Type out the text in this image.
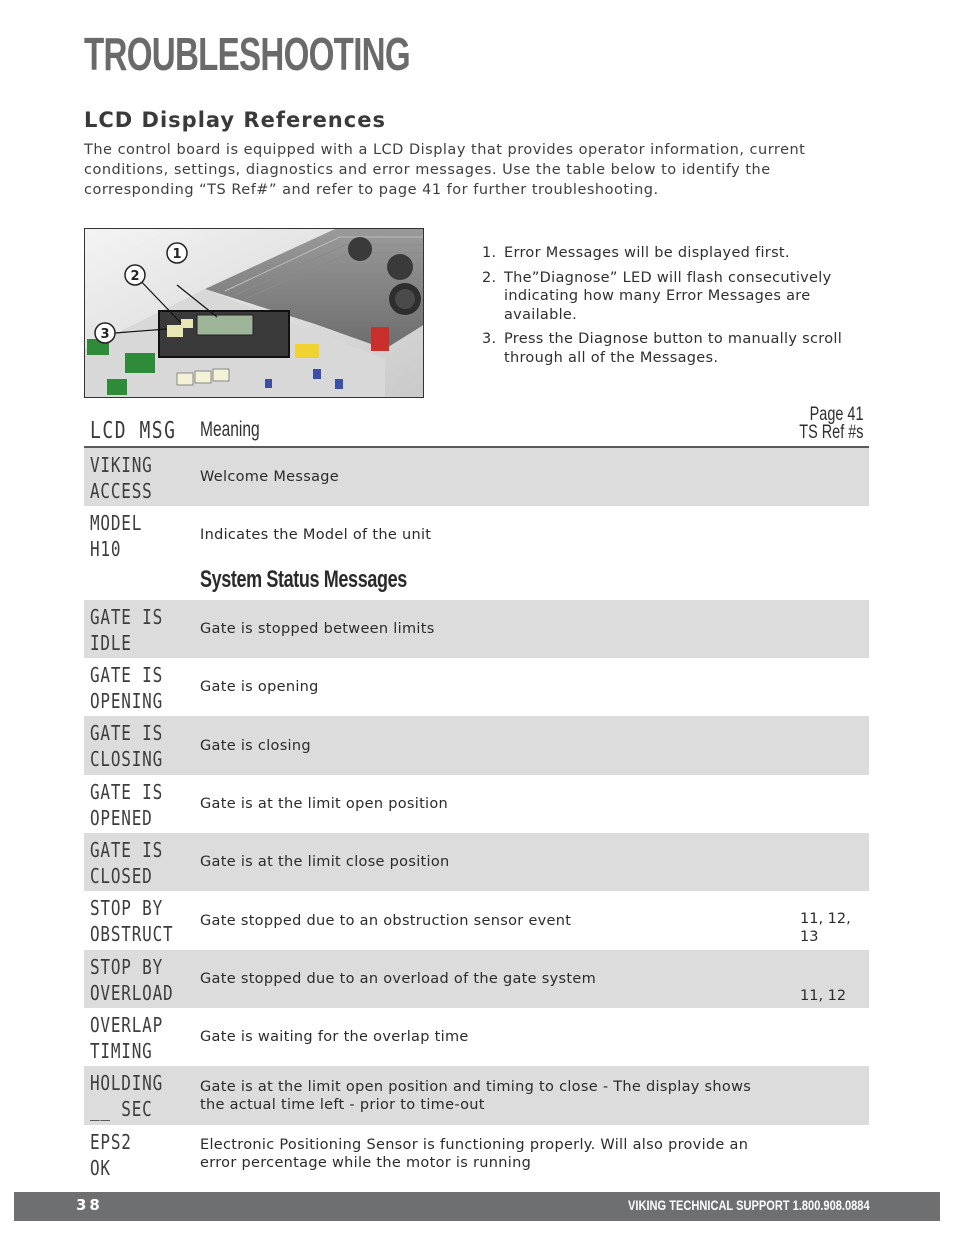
TROUBLESHOOTING
LCD Display References

The control board is equipped with a LCD Display that provides operator information, current conditions, settings, diagnostics and error messages. Use the table below to identify the corresponding “TS Ref#” and refer to page 41 for further troubleshooting.

1
2
3
1. Error Messages will be displayed first.
2. The”Diagnose” LED will flash consecutively indicating how many Error Messages are available.
3. Press the Diagnose button to manually scroll through all of the Messages.
LCD MSG Meaning
Page 41
TS Ref #s
VIKING
ACCESS
Welcome Message
MODEL
H10
Indicates the Model of the unit
System Status Messages
GATE IS
IDLE
Gate is stopped between limits
GATE IS
OPENING
Gate is opening
GATE IS
CLOSING
Gate is closing
GATE IS
OPENED
Gate is at the limit open position
GATE IS
CLOSED
Gate is at the limit close position
STOP BY
OBSTRUCT
Gate stopped due to an obstruction sensor event	11, 12, 13
STOP BY
OVERLOAD
Gate stopped due to an overload of the gate system
11, 12
OVERLAP
TIMING
Gate is waiting for the overlap time
HOLDING
__ SEC
Gate is at the limit open position and timing to close - The display shows the actual time left - prior to time-out
EPS2
OK
Electronic Positioning Sensor is functioning properly. Will also provide an error percentage while the motor is running
38	VIKING TECHNICAL SUPPORT 1.800.908.0884
